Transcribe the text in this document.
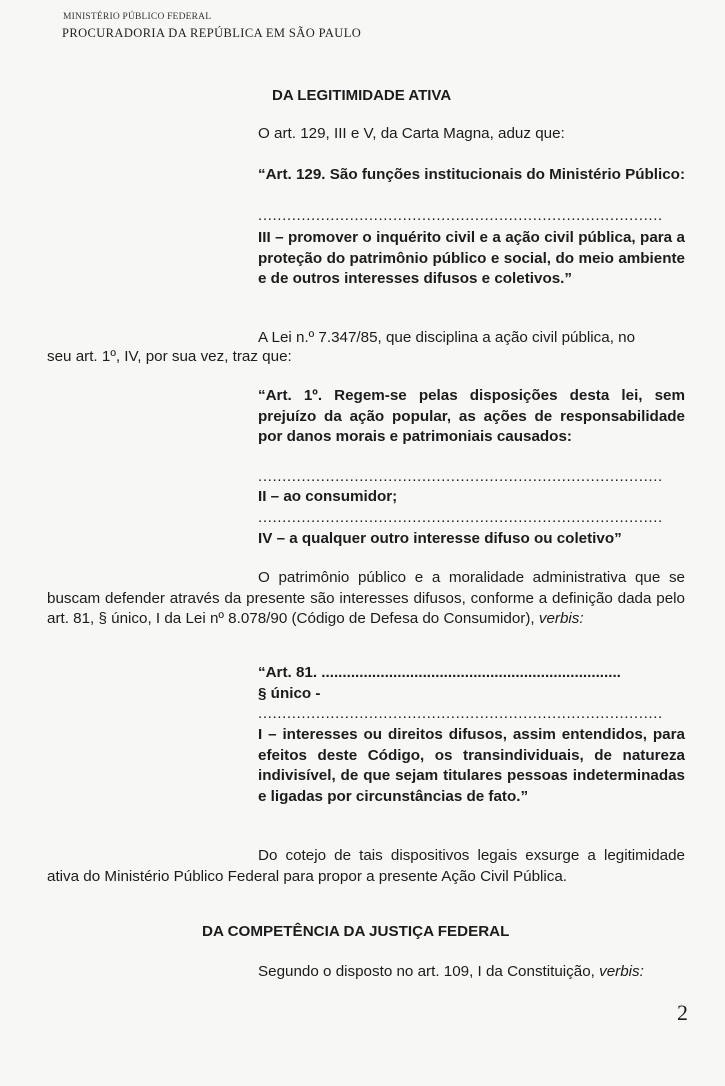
MINISTÉRIO PÚBLICO FEDERAL
PROCURADORIA DA REPÚBLICA EM SÃO PAULO
DA LEGITIMIDADE ATIVA
O art. 129, III e V, da Carta Magna, aduz que:
“Art. 129. São funções institucionais do Ministério Público:
....................................................................................
III – promover o inquérito civil e a ação civil pública, para a proteção do patrimônio público e social, do meio ambiente e de outros interesses difusos e coletivos.”
A Lei n.º 7.347/85, que disciplina a ação civil pública, no
seu art. 1º, IV, por sua vez, traz que:
“Art. 1º. Regem-se pelas disposições desta lei, sem prejuízo da ação popular, as ações de responsabilidade por danos morais e patrimoniais causados:
....................................................................................
II – ao consumidor;
....................................................................................
IV – a qualquer outro interesse difuso ou coletivo”
O patrimônio público e a moralidade administrativa que se buscam defender através da presente são interesses difusos, conforme a definição dada pelo art. 81, § único, I da Lei nº 8.078/90 (Código de Defesa do Consumidor), verbis:
“Art. 81. .......................................................................
§ único -
....................................................................................
I – interesses ou direitos difusos, assim entendidos, para efeitos deste Código, os transindividuais, de natureza indivisível, de que sejam titulares pessoas indeterminadas e ligadas por circunstâncias de fato.”
Do cotejo de tais dispositivos legais exsurge a legitimidade ativa do Ministério Público Federal para propor a presente Ação Civil Pública.
DA COMPETÊNCIA DA JUSTIÇA FEDERAL
Segundo o disposto no art. 109, I da Constituição, verbis:
2
